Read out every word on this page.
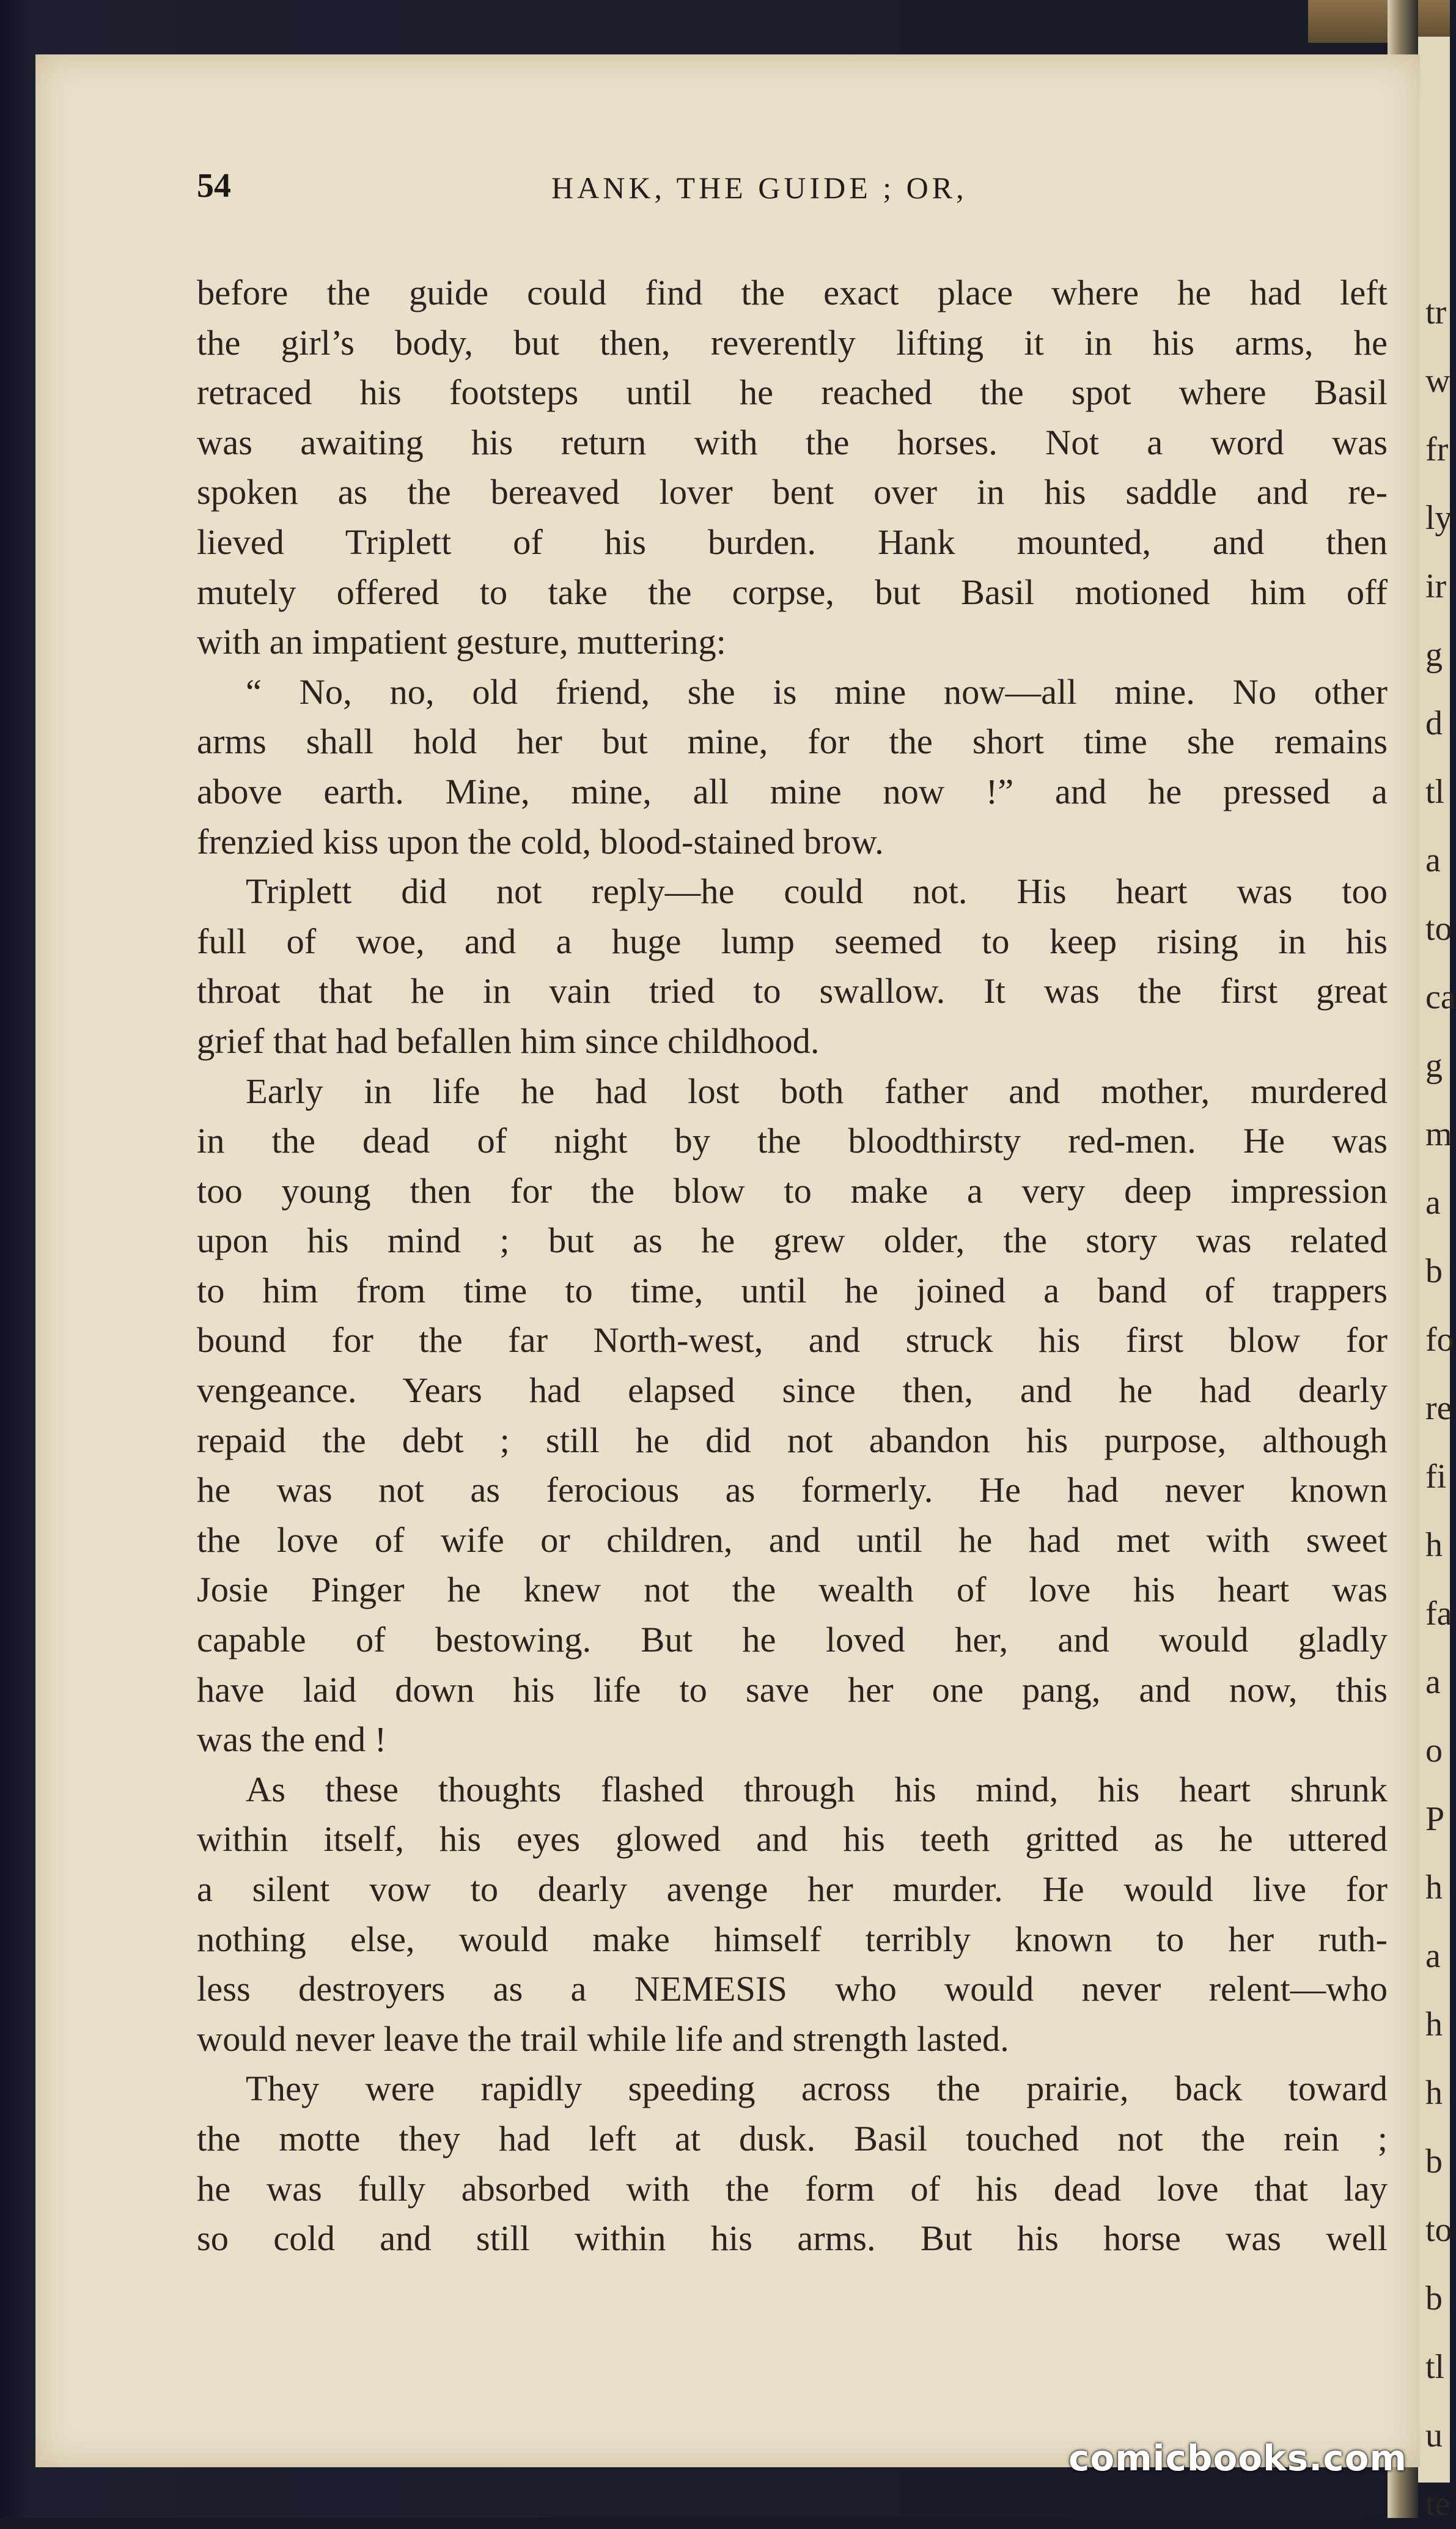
tr
w
fr
ly
ir
g
d
tl
a
to
ca
g
m
a
b
fo
re
fi
h
fa
a
o
P
h
a
h
h
b
to
b
tl
u
te
54	HANK, THE GUIDE ; OR,
before the guide could find the exact place where he had left
the girl’s body, but then, reverently lifting it in his arms, he
retraced his footsteps until he reached the spot where Basil
was awaiting his return with the horses. Not a word was
spoken as the bereaved lover bent over in his saddle and re-
lieved Triplett of his burden. Hank mounted, and then
mutely offered to take the corpse, but Basil motioned him off
with an impatient gesture, muttering:
“ No, no, old friend, she is mine now—all mine. No other
arms shall hold her but mine, for the short time she remains
above earth. Mine, mine, all mine now !” and he pressed a
frenzied kiss upon the cold, blood-stained brow.
Triplett did not reply—he could not. His heart was too
full of woe, and a huge lump seemed to keep rising in his
throat that he in vain tried to swallow. It was the first great
grief that had befallen him since childhood.
Early in life he had lost both father and mother, murdered
in the dead of night by the bloodthirsty red-men. He was
too young then for the blow to make a very deep impression
upon his mind ; but as he grew older, the story was related
to him from time to time, until he joined a band of trappers
bound for the far North-west, and struck his first blow for
vengeance. Years had elapsed since then, and he had dearly
repaid the debt ; still he did not abandon his purpose, although
he was not as ferocious as formerly. He had never known
the love of wife or children, and until he had met with sweet
Josie Pinger he knew not the wealth of love his heart was
capable of bestowing. But he loved her, and would gladly
have laid down his life to save her one pang, and now, this
was the end !
As these thoughts flashed through his mind, his heart shrunk
within itself, his eyes glowed and his teeth gritted as he uttered
a silent vow to dearly avenge her murder. He would live for
nothing else, would make himself terribly known to her ruth-
less destroyers as a NEMESIS who would never relent—who
would never leave the trail while life and strength lasted.
They were rapidly speeding across the prairie, back toward
the motte they had left at dusk. Basil touched not the rein ;
he was fully absorbed with the form of his dead love that lay
so cold and still within his arms. But his horse was well
comicbooks.com
